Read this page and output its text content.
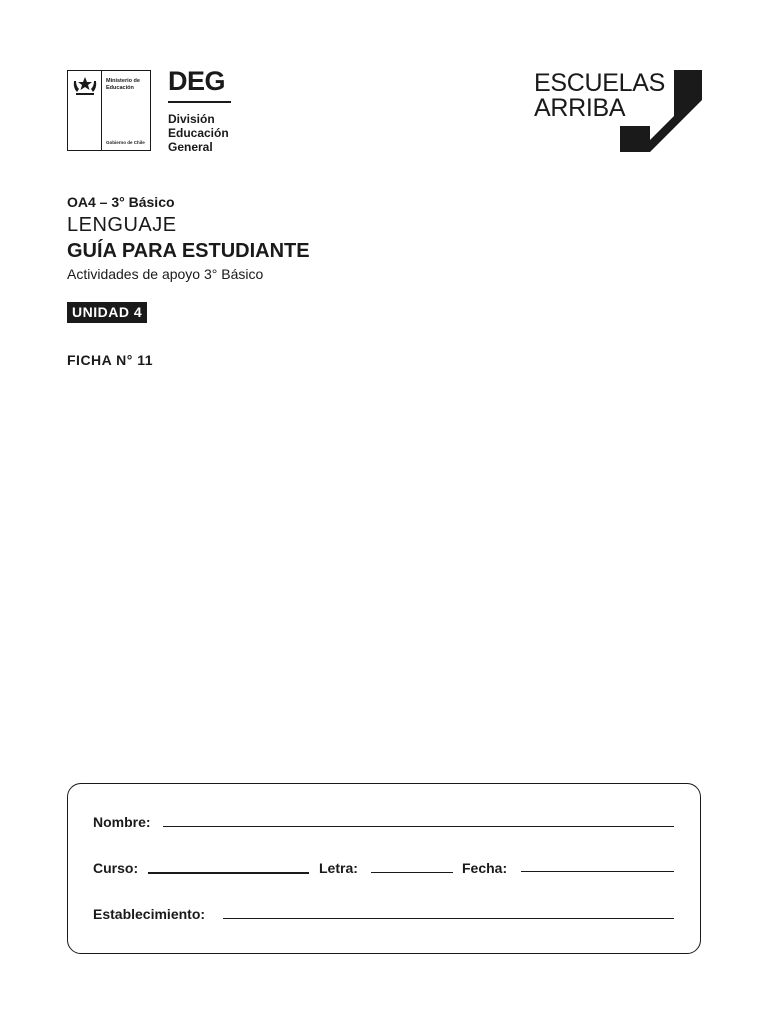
Ministerio de
Educación
Gobierno de Chile
DEG
División
Educación
General
ESCUELAS
ARRIBA
Que todos los
niños aprendan
OA4 – 3° Básico
LENGUAJE
GUÍA PARA ESTUDIANTE
Actividades de apoyo 3° Básico
UNIDAD 4
FICHA N° 11
Nombre:
Curso:	Letra:	Fecha:
Establecimiento:
